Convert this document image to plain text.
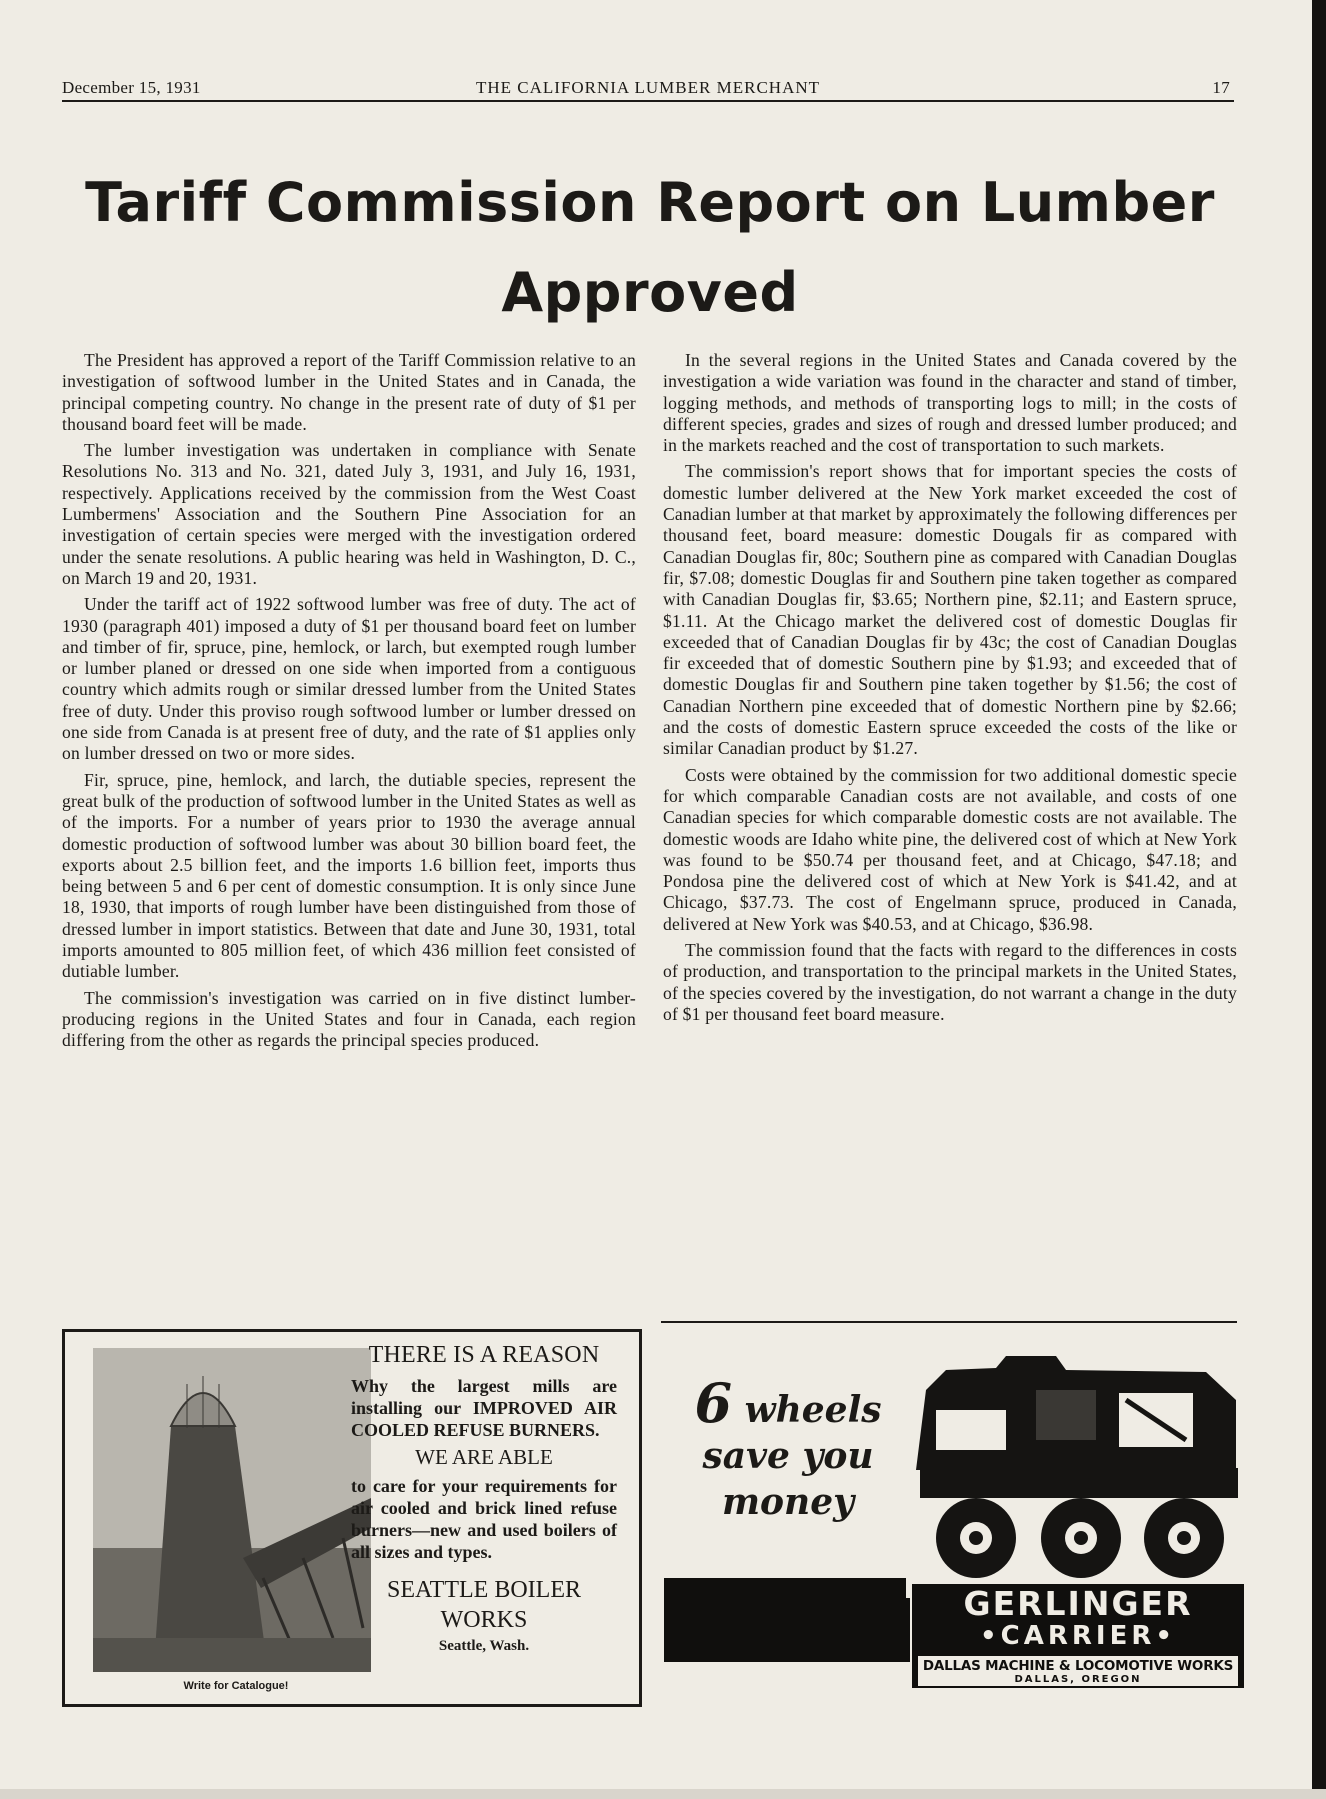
December 15, 1931	THE CALIFORNIA LUMBER MERCHANT	17
Tariff Commission Report on Lumber
Approved

The President has approved a report of the Tariff Commission relative to an investigation of softwood lumber in the United States and in Canada, the principal competing country. No change in the present rate of duty of $1 per thousand board feet will be made.

The lumber investigation was undertaken in compliance with Senate Resolutions No. 313 and No. 321, dated July 3, 1931, and July 16, 1931, respectively. Applications received by the commission from the West Coast Lumbermens' Association and the Southern Pine Association for an investigation of certain species were merged with the investigation ordered under the senate resolutions. A public hearing was held in Washington, D. C., on March 19 and 20, 1931.

Under the tariff act of 1922 softwood lumber was free of duty. The act of 1930 (paragraph 401) imposed a duty of $1 per thousand board feet on lumber and timber of fir, spruce, pine, hemlock, or larch, but exempted rough lumber or lumber planed or dressed on one side when imported from a contiguous country which admits rough or similar dressed lumber from the United States free of duty. Under this proviso rough softwood lumber or lumber dressed on one side from Canada is at present free of duty, and the rate of $1 applies only on lumber dressed on two or more sides.

Fir, spruce, pine, hemlock, and larch, the dutiable species, represent the great bulk of the production of softwood lumber in the United States as well as of the imports. For a number of years prior to 1930 the average annual domestic production of softwood lumber was about 30 billion board feet, the exports about 2.5 billion feet, and the imports 1.6 billion feet, imports thus being between 5 and 6 per cent of domestic consumption. It is only since June 18, 1930, that imports of rough lumber have been distinguished from those of dressed lumber in import statistics. Between that date and June 30, 1931, total imports amounted to 805 million feet, of which 436 million feet consisted of dutiable lumber.

The commission's investigation was carried on in five distinct lumber-producing regions in the United States and four in Canada, each region differing from the other as regards the principal species produced.

In the several regions in the United States and Canada covered by the investigation a wide variation was found in the character and stand of timber, logging methods, and methods of transporting logs to mill; in the costs of different species, grades and sizes of rough and dressed lumber produced; and in the markets reached and the cost of transportation to such markets.

The commission's report shows that for important species the costs of domestic lumber delivered at the New York market exceeded the cost of Canadian lumber at that market by approximately the following differences per thousand feet, board measure: domestic Dougals fir as compared with Canadian Douglas fir, 80c; Southern pine as compared with Canadian Douglas fir, $7.08; domestic Douglas fir and Southern pine taken together as compared with Canadian Douglas fir, $3.65; Northern pine, $2.11; and Eastern spruce, $1.11. At the Chicago market the delivered cost of domestic Douglas fir exceeded that of Canadian Douglas fir by 43c; the cost of Canadian Douglas fir exceeded that of domestic Southern pine by $1.93; and exceeded that of domestic Douglas fir and Southern pine taken together by $1.56; the cost of Canadian Northern pine exceeded that of domestic Northern pine by $2.66; and the costs of domestic Eastern spruce exceeded the costs of the like or similar Canadian product by $1.27.

Costs were obtained by the commission for two additional domestic specie for which comparable Canadian costs are not available, and costs of one Canadian species for which comparable domestic costs are not available. The domestic woods are Idaho white pine, the delivered cost of which at New York was found to be $50.74 per thousand feet, and at Chicago, $47.18; and Pondosa pine the delivered cost of which at New York is $41.42, and at Chicago, $37.73. The cost of Engelmann spruce, produced in Canada, delivered at New York was $40.53, and at Chicago, $36.98.

The commission found that the facts with regard to the differences in costs of production, and transportation to the principal markets in the United States, of the species covered by the investigation, do not warrant a change in the duty of $1 per thousand feet board measure.

Write for Catalogue!
THERE IS A REASON
Why the largest mills are installing our IMPROVED AIR COOLED REFUSE BURNERS.
WE ARE ABLE
to care for your requirements for air cooled and brick lined refuse burners—new and used boilers of all sizes and types.
SEATTLE BOILER WORKS
Seattle, Wash.
6 wheels
save you
money
GERLINGER
•CARRIER•
DALLAS MACHINE & LOCOMOTIVE WORKS
DALLAS, OREGON
